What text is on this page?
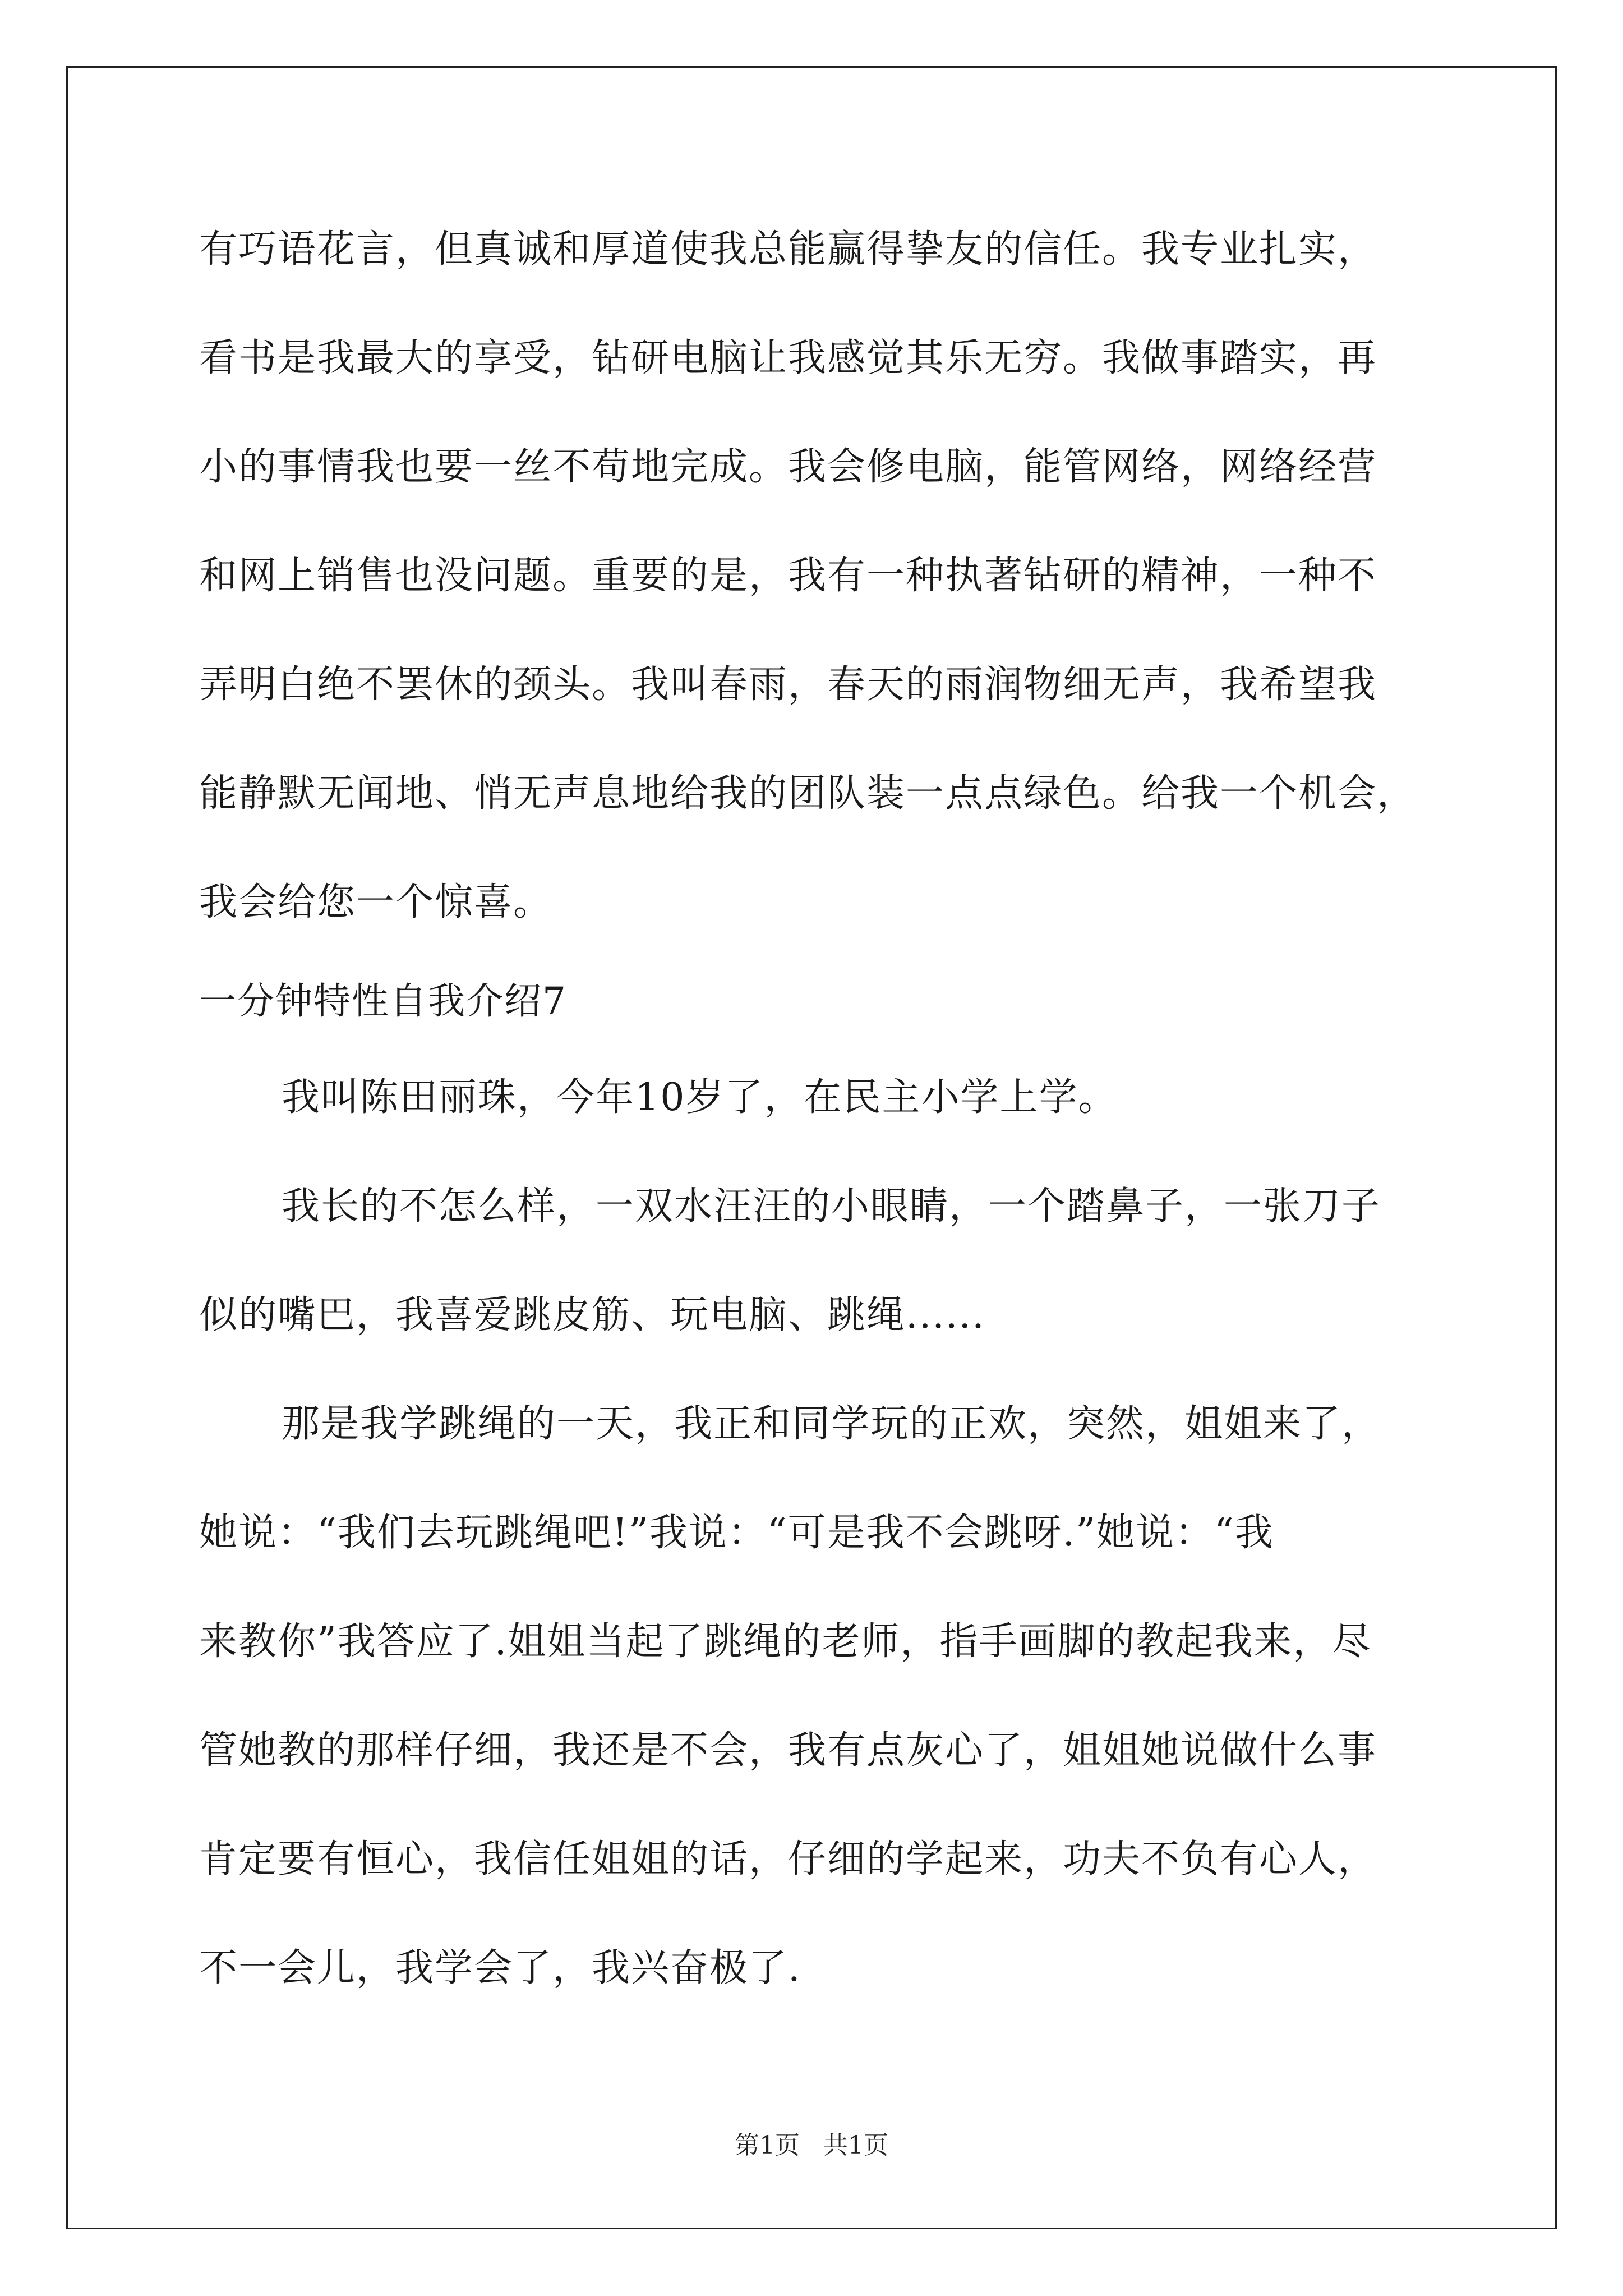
有巧语花言，但真诚和厚道使我总能赢得挚友的信任。我专业扎实，
看书是我最大的享受，钻研电脑让我感觉其乐无穷。我做事踏实，再
小的事情我也要一丝不苟地完成。我会修电脑，能管网络，网络经营
和网上销售也没问题。重要的是，我有一种执著钻研的精神，一种不
弄明白绝不罢休的颈头。我叫春雨，春天的雨润物细无声，我希望我
能静默无闻地、悄无声息地给我的团队装一点点绿色。给我一个机会，
我会给您一个惊喜。
一分钟特性自我介绍7
我叫陈田丽珠，今年10岁了，在民主小学上学。
我长的不怎么样，一双水汪汪的小眼睛，一个踏鼻子，一张刀子
似的嘴巴，我喜爱跳皮筋、玩电脑、跳绳......
那是我学跳绳的一天，我正和同学玩的正欢，突然，姐姐来了，
她说：“我们去玩跳绳吧!”我说：“可是我不会跳呀.”她说：“我
来教你”我答应了.姐姐当起了跳绳的老师，指手画脚的教起我来，尽
管她教的那样仔细，我还是不会，我有点灰心了，姐姐她说做什么事
肯定要有恒心，我信任姐姐的话，仔细的学起来，功夫不负有心人，
不一会儿，我学会了，我兴奋极了.
第1页   共1页
